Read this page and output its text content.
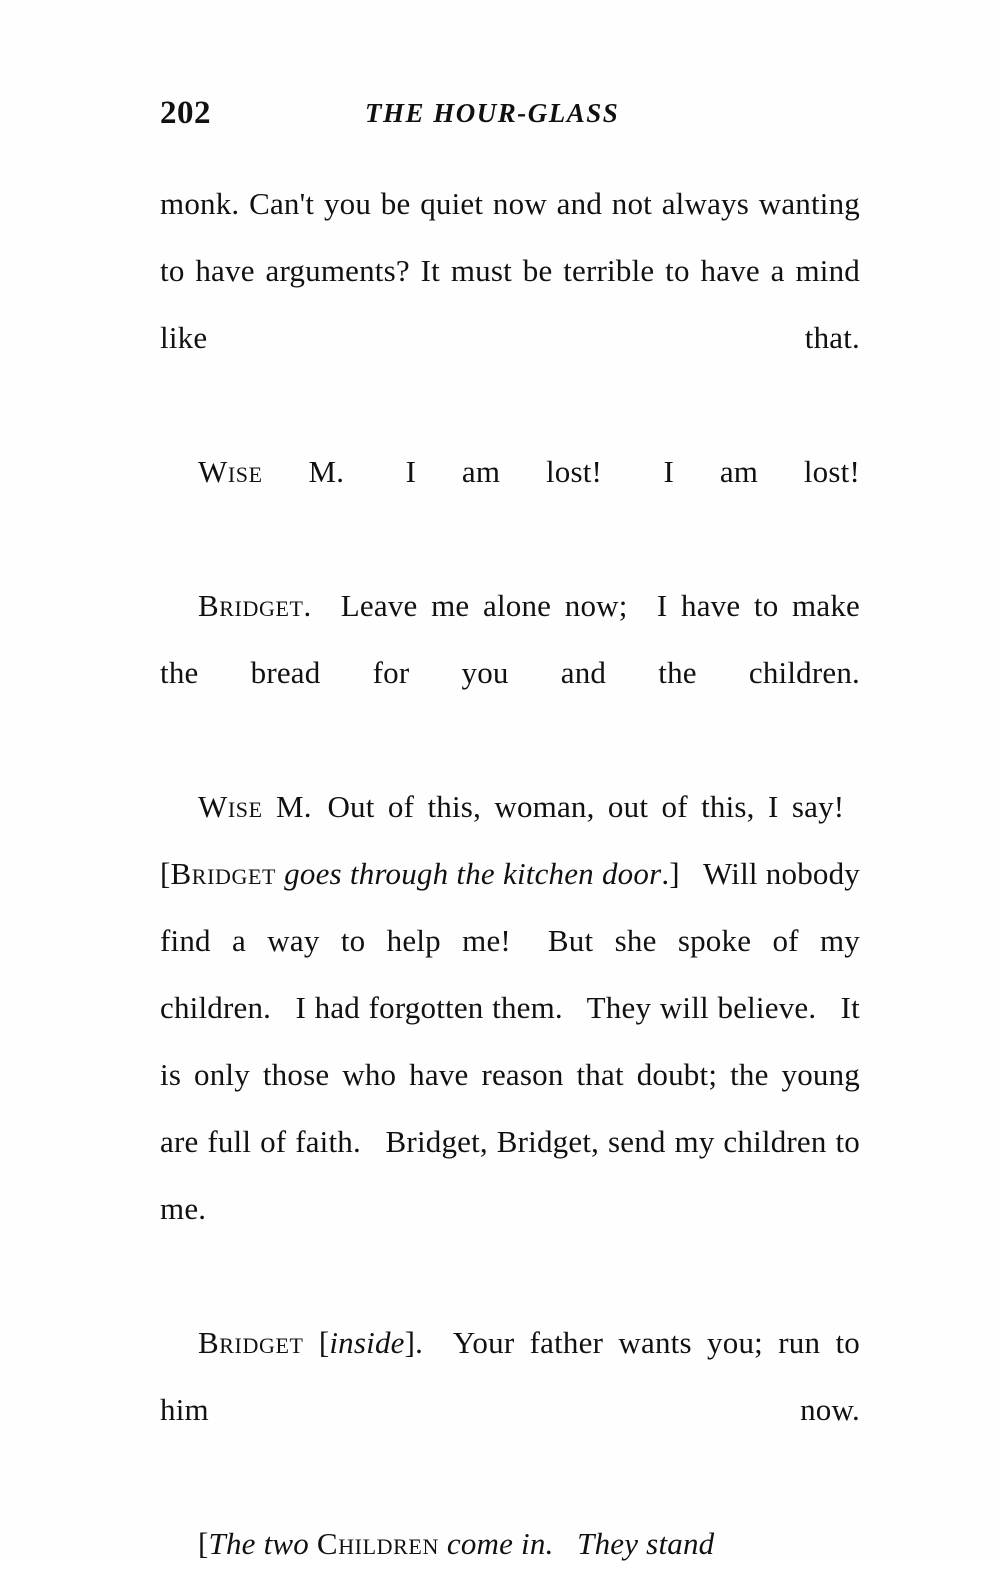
202	THE HOUR-GLASS

monk. Can't you be quiet now and not always wanting to have arguments? It must be terrible to have a mind like that.

Wise M.  I am lost!  I am lost!

Bridget.  Leave me alone now;  I have to make the bread for you and the children.

Wise M.  Out of this, woman, out of this, I say!  [Bridget goes through the kitchen door.]  Will nobody find a way to help me!  But she spoke of my children.  I had forgotten them.  They will believe.  It is only those who have reason that doubt; the young are full of faith.  Bridget, Bridget, send my children to me.

Bridget [inside].  Your father wants you; run to him now.

[The two Children come in.  They stand
